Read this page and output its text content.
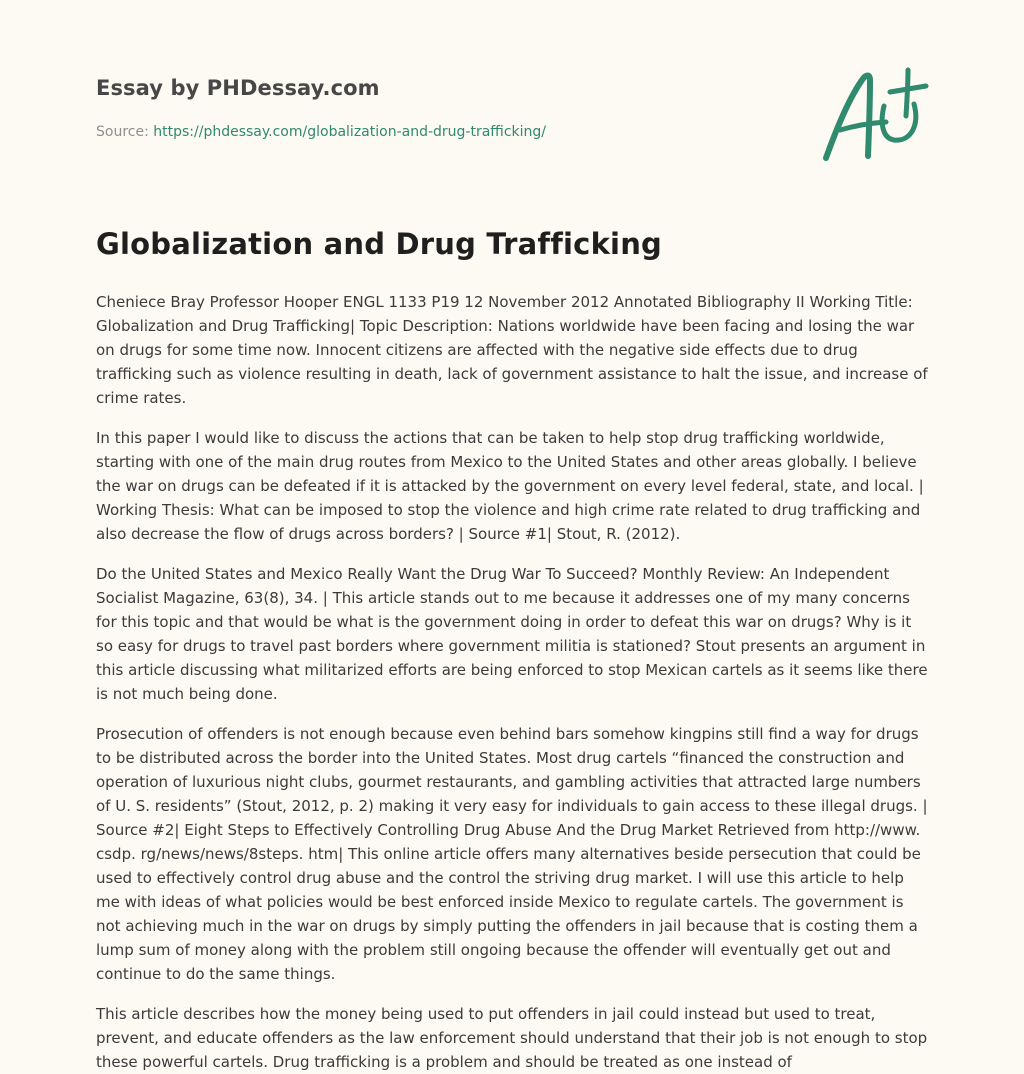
Essay by PHDessay.com
Source: https://phdessay.com/globalization-and-drug-trafficking/
Globalization and Drug Trafficking

Cheniece Bray Professor Hooper ENGL 1133 P19 12 November 2012 Annotated Bibliography II Working Title: Globalization and Drug Trafficking| Topic Description: Nations worldwide have been facing and losing the war on drugs for some time now. Innocent citizens are affected with the negative side effects due to drug trafficking such as violence resulting in death, lack of government assistance to halt the issue, and increase of crime rates.

In this paper I would like to discuss the actions that can be taken to help stop drug trafficking worldwide, starting with one of the main drug routes from Mexico to the United States and other areas globally. I believe the war on drugs can be defeated if it is attacked by the government on every level federal, state, and local. | Working Thesis: What can be imposed to stop the violence and high crime rate related to drug trafficking and also decrease the flow of drugs across borders? | Source #1| Stout, R. (2012).

Do the United States and Mexico Really Want the Drug War To Succeed? Monthly Review: An Independent Socialist Magazine, 63(8), 34. | This article stands out to me because it addresses one of my many concerns for this topic and that would be what is the government doing in order to defeat this war on drugs? Why is it so easy for drugs to travel past borders where government militia is stationed? Stout presents an argument in this article discussing what militarized efforts are being enforced to stop Mexican cartels as it seems like there is not much being done.

Prosecution of offenders is not enough because even behind bars somehow kingpins still find a way for drugs to be distributed across the border into the United States. Most drug cartels “financed the construction and operation of luxurious night clubs, gourmet restaurants, and gambling activities that attracted large numbers of U. S. residents” (Stout, 2012, p. 2) making it very easy for individuals to gain access to these illegal drugs. | Source #2| Eight Steps to Effectively Controlling Drug Abuse And the Drug Market Retrieved from http://www. csdp. rg/news/news/8steps. htm| This online article offers many alternatives beside persecution that could be used to effectively control drug abuse and the control the striving drug market. I will use this article to help me with ideas of what policies would be best enforced inside Mexico to regulate cartels. The government is not achieving much in the war on drugs by simply putting the offenders in jail because that is costing them a lump sum of money along with the problem still ongoing because the offender will eventually get out and continue to do the same things.

This article describes how the money being used to put offenders in jail could instead but used to treat, prevent, and educate offenders as the law enforcement should understand that their job is not enough to stop these powerful cartels. Drug trafficking is a problem and should be treated as one instead of
